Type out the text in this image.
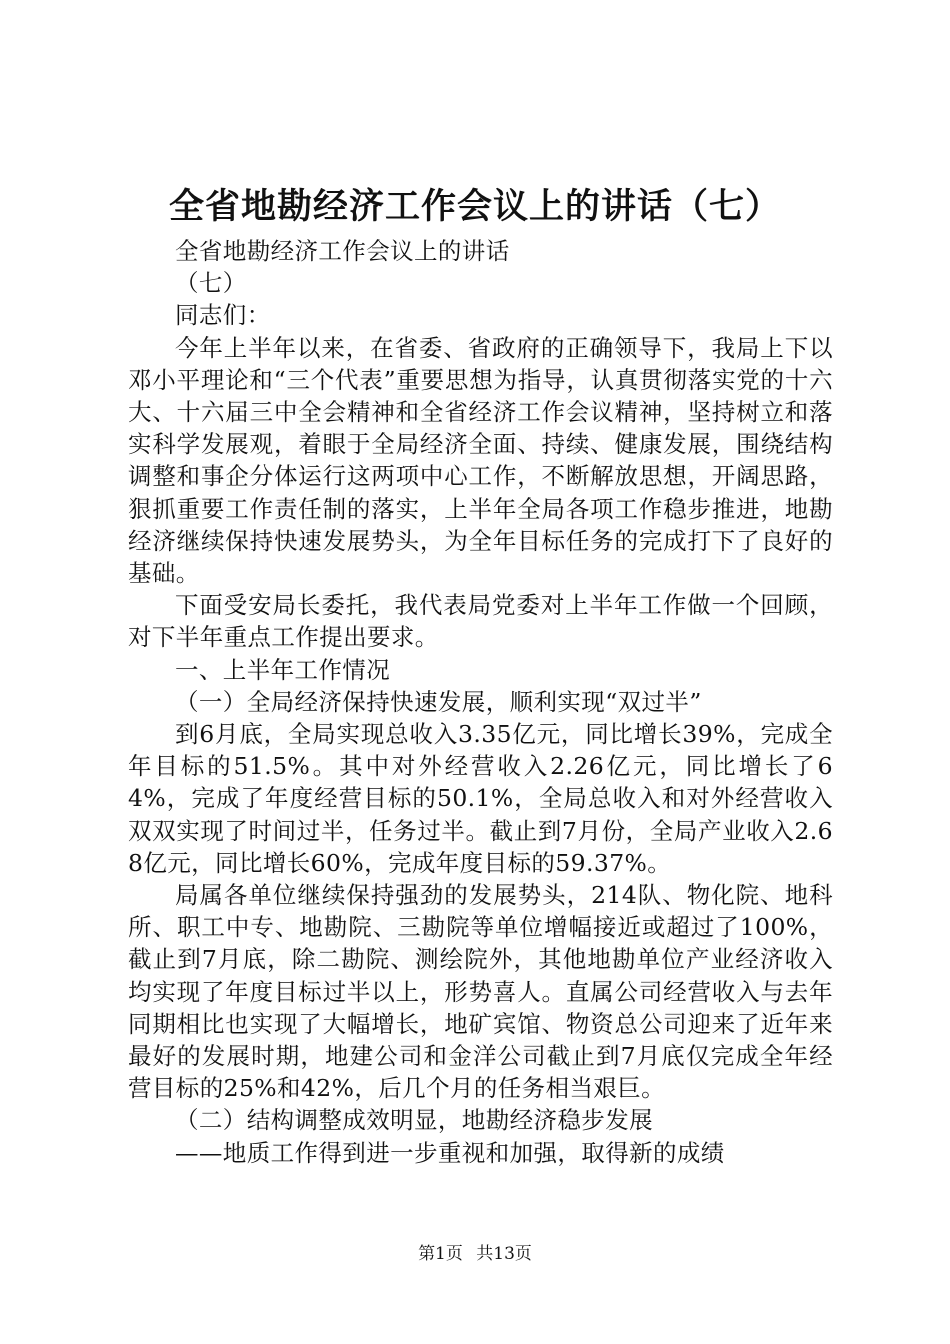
全省地勘经济工作会议上的讲话（七）

全省地勘经济工作会议上的讲话

（七）

同志们：

今年上半年以来，在省委、省政府的正确领导下，我局上下以邓小平理论和“三个代表”重要思想为指导，认真贯彻落实党的十六大、十六届三中全会精神和全省经济工作会议精神，坚持树立和落实科学发展观，着眼于全局经济全面、持续、健康发展，围绕结构调整和事企分体运行这两项中心工作，不断解放思想，开阔思路，狠抓重要工作责任制的落实，上半年全局各项工作稳步推进，地勘经济继续保持快速发展势头，为全年目标任务的完成打下了良好的基础。

下面受安局长委托，我代表局党委对上半年工作做一个回顾，对下半年重点工作提出要求。

一、上半年工作情况

（一）全局经济保持快速发展，顺利实现“双过半”

到6月底，全局实现总收入3.35亿元，同比增长39%，完成全年目标的51.5%。其中对外经营收入2.26亿元，同比增长了64%，完成了年度经营目标的50.1%，全局总收入和对外经营收入双双实现了时间过半，任务过半。截止到7月份，全局产业收入2.68亿元，同比增长60%，完成年度目标的59.37%。

局属各单位继续保持强劲的发展势头，214队、物化院、地科所、职工中专、地勘院、三勘院等单位增幅接近或超过了100%，截止到7月底，除二勘院、测绘院外，其他地勘单位产业经济收入均实现了年度目标过半以上，形势喜人。直属公司经营收入与去年同期相比也实现了大幅增长，地矿宾馆、物资总公司迎来了近年来最好的发展时期，地建公司和金洋公司截止到7月底仅完成全年经营目标的25%和42%，后几个月的任务相当艰巨。

（二）结构调整成效明显，地勘经济稳步发展

——地质工作得到进一步重视和加强，取得新的成绩

第1页 共13页
